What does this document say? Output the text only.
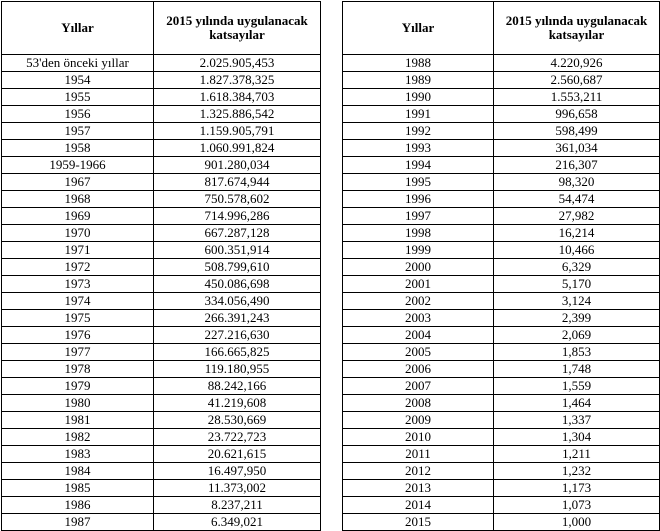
Yıllar	2015 yılında uygulanacak katsayılar
53'den önceki yıllar	2.025.905,453
1954	1.827.378,325
1955	1.618.384,703
1956	1.325.886,542
1957	1.159.905,791
1958	1.060.991,824
1959-1966	901.280,034
1967	817.674,944
1968	750.578,602
1969	714.996,286
1970	667.287,128
1971	600.351,914
1972	508.799,610
1973	450.086,698
1974	334.056,490
1975	266.391,243
1976	227.216,630
1977	166.665,825
1978	119.180,955
1979	88.242,166
1980	41.219,608
1981	28.530,669
1982	23.722,723
1983	20.621,615
1984	16.497,950
1985	11.373,002
1986	8.237,211
1987	6.349,021
Yıllar	2015 yılında uygulanacak katsayılar
1988	4.220,926
1989	2.560,687
1990	1.553,211
1991	996,658
1992	598,499
1993	361,034
1994	216,307
1995	98,320
1996	54,474
1997	27,982
1998	16,214
1999	10,466
2000	6,329
2001	5,170
2002	3,124
2003	2,399
2004	2,069
2005	1,853
2006	1,748
2007	1,559
2008	1,464
2009	1,337
2010	1,304
2011	1,211
2012	1,232
2013	1,173
2014	1,073
2015	1,000
